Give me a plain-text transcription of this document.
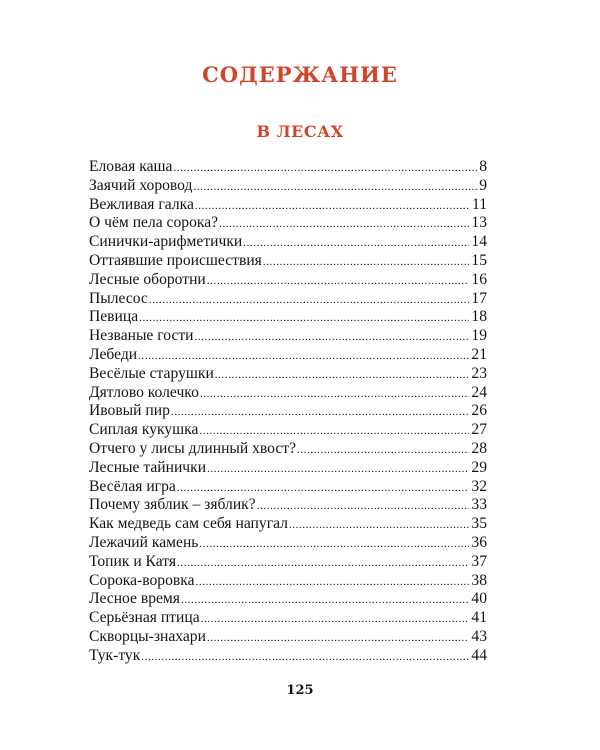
СОДЕРЖАНИЕ
В ЛЕСАХ
Еловая каша .....	8
Заячий хоровод .....	9
Вежливая галка .....	11
О чём пела сорока? .....	13
Синички-арифметички .....	14
Оттаявшие происшествия .....	15
Лесные оборотни .....	16
Пылесос .....	17
Певица .....	18
Незваные гости .....	19
Лебеди .....	21
Весёлые старушки .....	23
Дятлово колечко .....	24
Ивовый пир .....	26
Сиплая кукушка .....	27
Отчего у лисы длинный хвост? .....	28
Лесные тайнички .....	29
Весёлая игра .....	32
Почему зяблик – зяблик? .....	33
Как медведь сам себя напугал .....	35
Лежачий камень .....	36
Топик и Катя .....	37
Сорока-воровка .....	38
Лесное время .....	40
Серьёзная птица .....	41
Скворцы-знахари .....	43
Тук-тук .....	44
125
